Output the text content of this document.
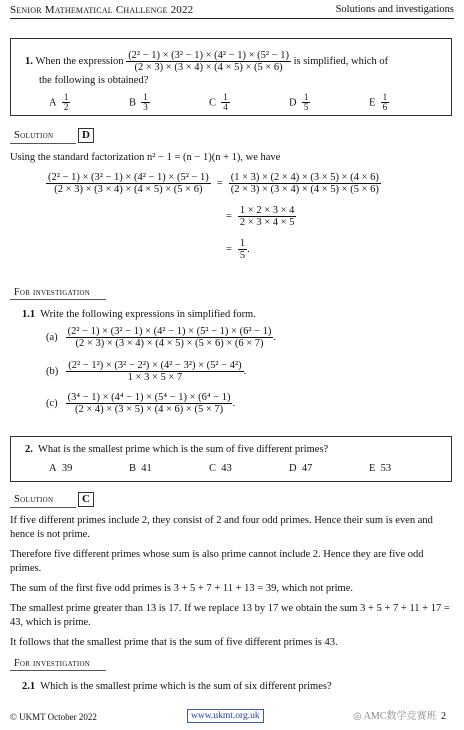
Senior Mathematical Challenge 2022	Solutions and investigations
1.
When the expression
$\frac{\text{(2² − 1) × (3² − 1) × (4² − 1) × (5² − 1)}}{(2 \times 3) \times (3 \times 4) \times (4 \times 5) \times (5 \times 6)}$
is simplified, which of
the following is obtained?
A $\frac{1}{2}$	B $\frac{1}{3}$	C $\frac{1}{4}$	D $\frac{1}{5}$	E $\frac{1}{6}$
Solution	D
Using the standard factorization n² − 1 = (n − 1)(n + 1), we have
$\frac{\text{(2² − 1) × (3² − 1) × (4² − 1) × (5² − 1)}}{(2 \times 3) \times (3 \times 4) \times (4 \times 5) \times (5 \times 6)} = \frac{(1 \times 3) \times (2 \times 4) \times (3 \times 5) \times (4 \times 6)}{(2 \times 3) \times (3 \times 4) \times (4 \times 5) \times (5 \times 6)}$
= $\frac{1 \times 2 \times 3 \times 4}{2 \times 3 \times 4 \times 5}$
= $\frac{1}{5}$ .
For investigation
1.1 Write the following expressions in simplified form.
$(a) \frac{\text{(2² − 1) × (3² − 1) × (4² − 1) × (5² − 1) × (6² − 1)}}{(2 \times 3) \times (3 \times 4) \times (4 \times 5) \times (5 \times 6) \times (6 \times 7)}$ .
$(b) \frac{\text{(2² − 1²) × (3² − 2²) × (4² − 3²) × (5² − 4²)}}{1 \times 3 \times 5 \times 7}$ .
$(c) \frac{\text{(3⁴ − 1) × (4⁴ − 1) × (5⁴ − 1) × (6⁴ − 1)}}{(2 \times 4) \times (3 \times 5) \times (4 \times 6) \times (5 \times 7)}$ .
2. What is the smallest prime which is the sum of five different primes?
A 39	B 41	C 43	D 47	E 53
Solution	C

If five different primes include 2, they consist of 2 and four odd primes. Hence their sum is even and hence is not prime.

Therefore five different primes whose sum is also prime cannot include 2. Hence they are five odd primes.

The sum of the first five odd primes is 3 + 5 + 7 + 11 + 13 = 39, which not prime.

The smallest prime greater than 13 is 17. If we replace 13 by 17 we obtain the sum 3 + 5 + 7 + 11 + 17 = 43, which is prime.

It follows that the smallest prime that is the sum of five different primes is 43.

For investigation
2.1 Which is the smallest prime which is the sum of six different primes?
© UKMT October 2022	www.ukmt.org.uk	◎ AMC数学竞赛班 2
